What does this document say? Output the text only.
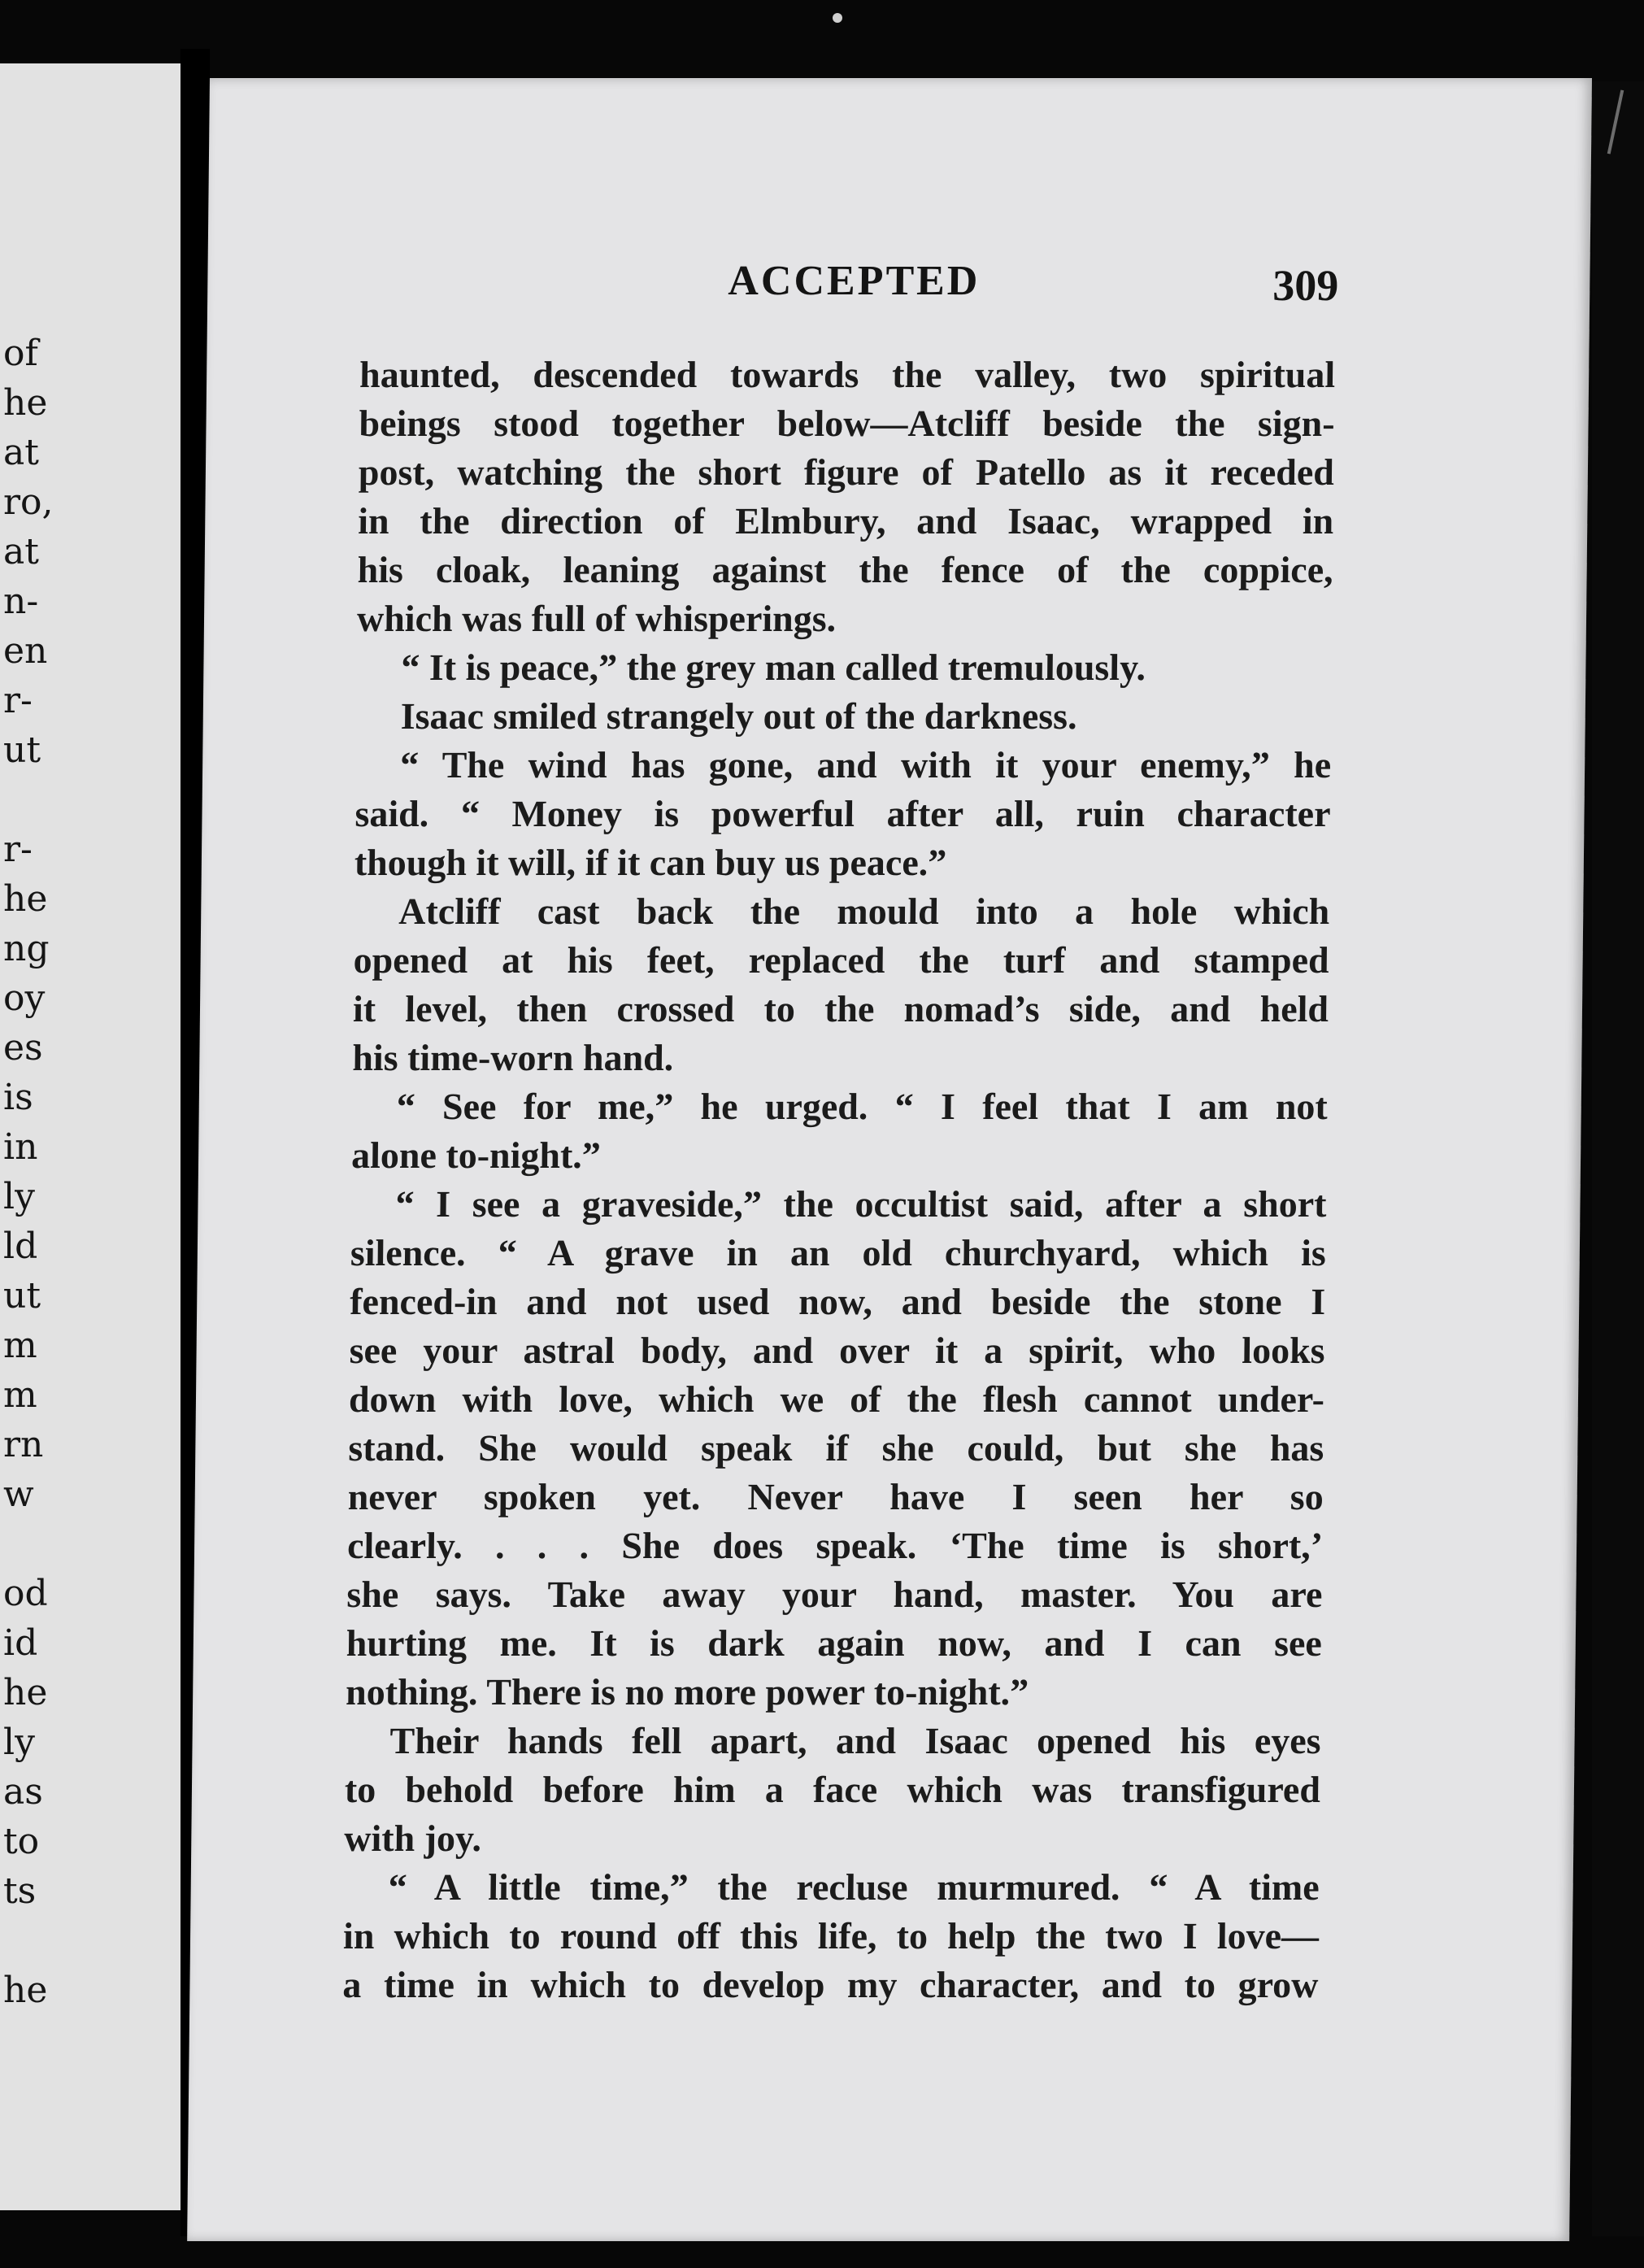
of
he
at
ro,
at
n-
en
r-
ut
r-
he
ng
oy
es
is
in
ly
ld
ut
m
m
rn
w
od
id
he
ly
as
to
ts
he
ACCEPTED	309
haunted, descended towards the valley, two spiritual
beings stood together below—Atcliff beside the sign-
post, watching the short figure of Patello as it receded
in the direction of Elmbury, and Isaac, wrapped in
his cloak, leaning against the fence of the coppice,
which was full of whisperings.
“ It is peace,” the grey man called tremulously.
Isaac smiled strangely out of the darkness.
“ The wind has gone, and with it your enemy,” he
said. “ Money is powerful after all, ruin character
though it will, if it can buy us peace.”
Atcliff cast back the mould into a hole which
opened at his feet, replaced the turf and stamped
it level, then crossed to the nomad’s side, and held
his time-worn hand.
“ See for me,” he urged. “ I feel that I am not
alone to-night.”
“ I see a graveside,” the occultist said, after a short
silence. “ A grave in an old churchyard, which is
fenced-in and not used now, and beside the stone I
see your astral body, and over it a spirit, who looks
down with love, which we of the flesh cannot under-
stand. She would speak if she could, but she has
never spoken yet. Never have I seen her so
clearly. . . . She does speak. ‘The time is short,’
she says. Take away your hand, master. You are
hurting me. It is dark again now, and I can see
nothing. There is no more power to-night.”
Their hands fell apart, and Isaac opened his eyes
to behold before him a face which was transfigured
with joy.
“ A little time,” the recluse murmured. “ A time
in which to round off this life, to help the two I love—
a time in which to develop my character, and to grow
